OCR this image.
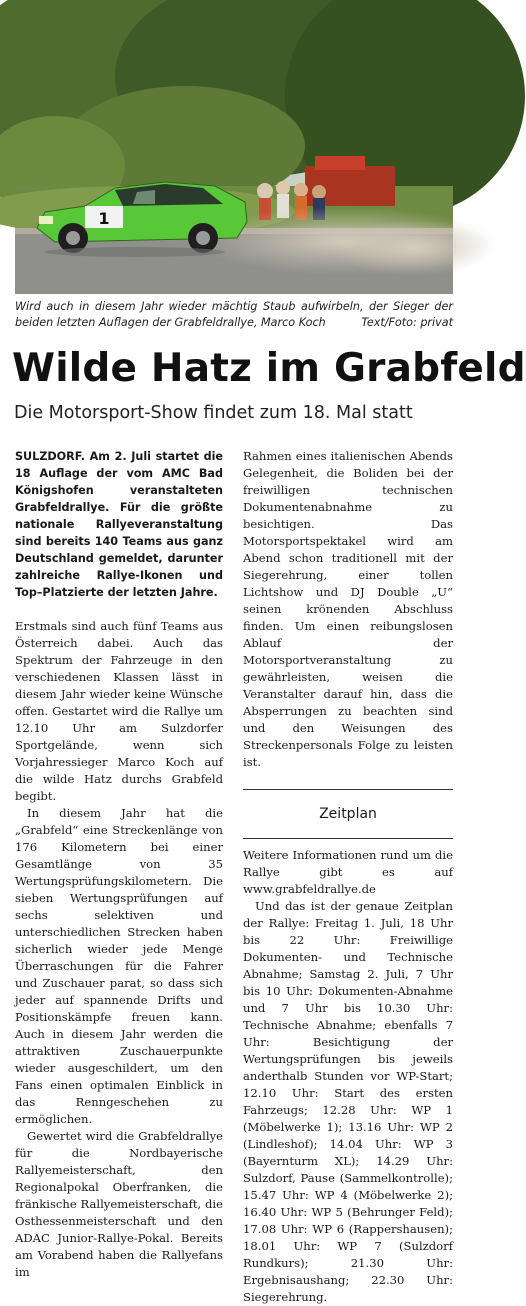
1

Wird auch in diesem Jahr wieder mächtig Staub aufwirbeln, der Sieger der beiden letzten Auflagen der Grabfeldrallye, Marco Koch	Text/Foto: privat

Wilde Hatz im Grabfeld
Die Motorsport-Show findet zum 18. Mal statt

SULZDORF. Am 2. Juli startet die 18 Auflage der vom AMC Bad Königshofen veranstalteten Grabfeldrallye. Für die größte nationale Rallyeveranstaltung sind bereits 140 Teams aus ganz Deutschland gemeldet, darunter zahlreiche Rallye-Ikonen und Top–Platzierte der letzten Jahre.

Erstmals sind auch fünf Teams aus Österreich dabei. Auch das Spektrum der Fahrzeuge in den verschiedenen Klassen lässt in diesem Jahr wieder keine Wünsche offen. Gestartet wird die Rallye um 12.10 Uhr am Sulzdorfer Sportgelände, wenn sich Vorjahressieger Marco Koch auf die wilde Hatz durchs Grabfeld begibt.

In diesem Jahr hat die „Grabfeld“ eine Streckenlänge von 176 Kilometern bei einer Gesamtlänge von 35 Wertungsprüfungskilometern. Die sieben Wertungsprüfungen auf sechs selektiven und unterschiedlichen Strecken haben sicherlich wieder jede Menge Überraschungen für die Fahrer und Zuschauer parat, so dass sich jeder auf spannende Drifts und Positionskämpfe freuen kann. Auch in diesem Jahr werden die attraktiven Zuschauerpunkte wieder ausgeschildert, um den Fans einen optimalen Einblick in das Renngeschehen zu ermöglichen.

Gewertet wird die Grabfeldrallye für die Nordbayerische Rallyemeisterschaft, den Regionalpokal Oberfranken, die fränkische Rallyemeisterschaft, die Osthessenmeisterschaft und den ADAC Junior-Rallye-Pokal. Bereits am Vorabend haben die Rallyefans im

Rahmen eines italienischen Abends Gelegenheit, die Boliden bei der freiwilligen technischen Dokumentenabnahme zu besichtigen. Das Motorsportspektakel wird am Abend schon traditionell mit der Siegerehrung, einer tollen Lichtshow und DJ Double „U“ seinen krönenden Abschluss finden. Um einen reibungslosen Ablauf der Motorsportveranstaltung zu gewährleisten, weisen die Veranstalter darauf hin, dass die Absperrungen zu beachten sind und den Weisungen des Streckenpersonals Folge zu leisten ist.

Zeitplan

Weitere Informationen rund um die Rallye gibt es auf www.grabfeldrallye.de

Und das ist der genaue Zeitplan der Rallye: Freitag 1. Juli, 18 Uhr bis 22 Uhr: Freiwillige Dokumenten- und Technische Abnahme; Samstag 2. Juli, 7 Uhr bis 10 Uhr: Dokumenten-Abnahme und 7 Uhr bis 10.30 Uhr: Technische Abnahme; ebenfalls 7 Uhr: Besichtigung der Wertungsprüfungen bis jeweils anderthalb Stunden vor WP-Start; 12.10 Uhr: Start des ersten Fahrzeugs; 12.28 Uhr: WP 1 (Möbelwerke 1); 13.16 Uhr: WP 2 (Lindleshof); 14.04 Uhr: WP 3 (Bayernturm XL); 14.29 Uhr: Sulzdorf, Pause (Sammelkontrolle); 15.47 Uhr: WP 4 (Möbelwerke 2); 16.40 Uhr: WP 5 (Behrunger Feld); 17.08 Uhr: WP 6 (Rappershausen); 18.01 Uhr: WP 7 (Sulzdorf Rundkurs); 21.30 Uhr: Ergebnisaushang; 22.30 Uhr: Siegerehrung.
